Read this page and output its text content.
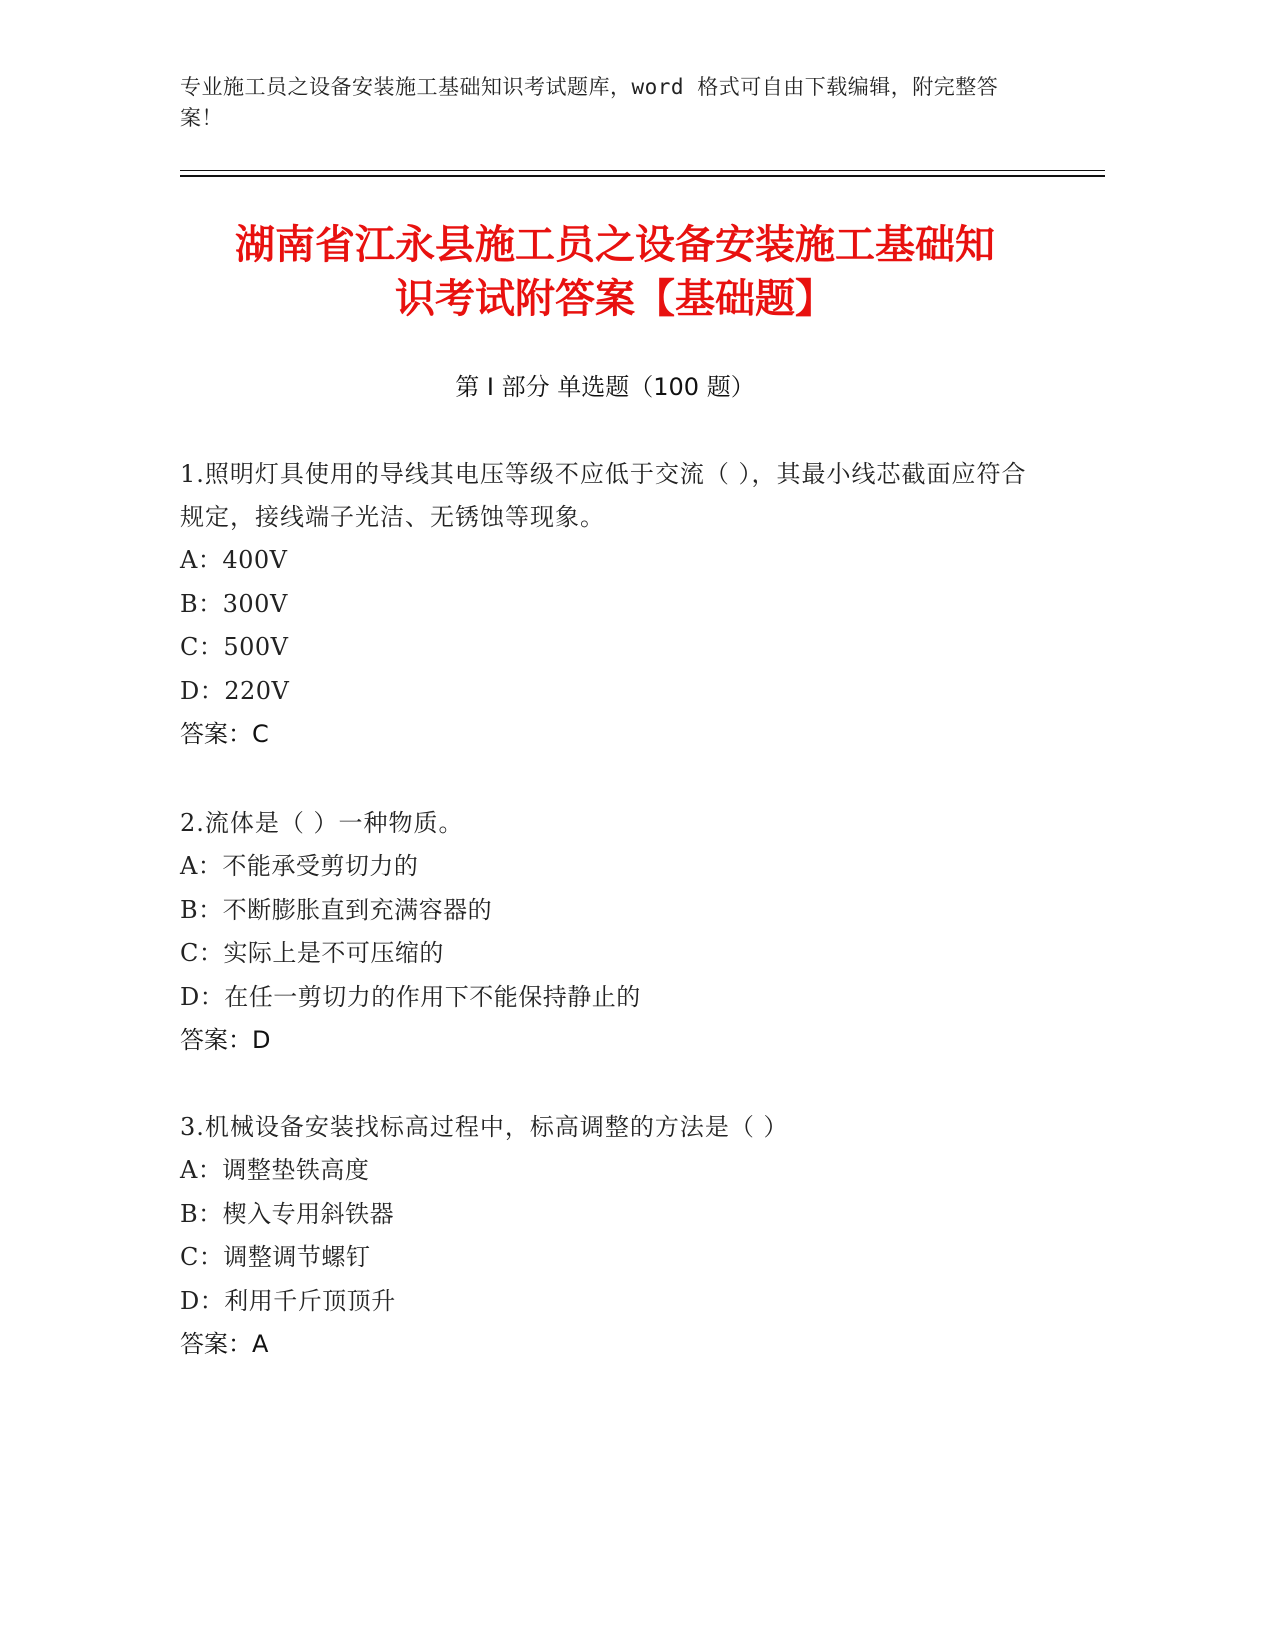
专业施工员之设备安装施工基础知识考试题库，word 格式可自由下载编辑，附完整答案！
湖南省江永县施工员之设备安装施工基础知
识考试附答案【基础题】
第 I 部分 单选题（100 题）
1.照明灯具使用的导线其电压等级不应低于交流（ ），其最小线芯截面应符合规定，接线端子光洁、无锈蚀等现象。
A：400V
B：300V
C：500V
D：220V
答案：C
2.流体是（ ）一种物质。
A：不能承受剪切力的
B：不断膨胀直到充满容器的
C：实际上是不可压缩的
D：在任一剪切力的作用下不能保持静止的
答案：D
3.机械设备安装找标高过程中，标高调整的方法是（ ）
A：调整垫铁高度
B：楔入专用斜铁器
C：调整调节螺钉
D：利用千斤顶顶升
答案：A
